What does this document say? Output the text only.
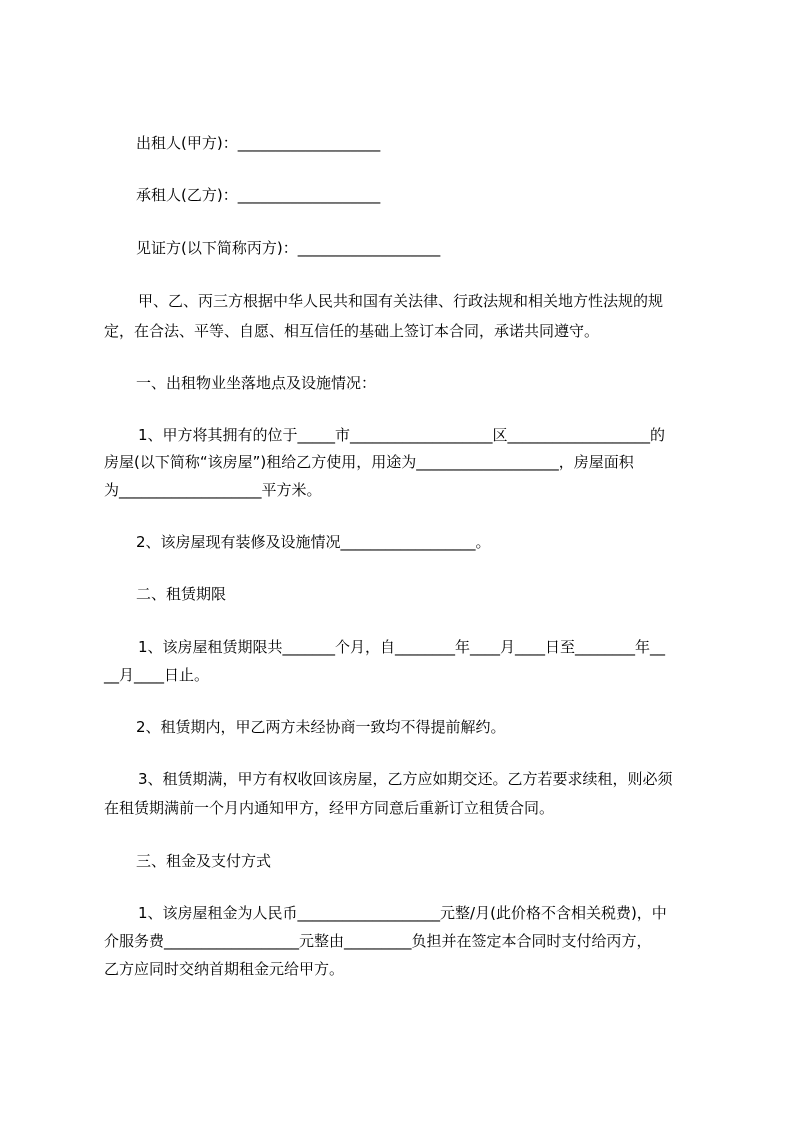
出租人(甲方)：___________________
承租人(乙方)：___________________
见证方(以下简称丙方)：___________________
甲、乙、丙三方根据中华人民共和国有关法律、行政法规和相关地方性法规的规
定，在合法、平等、自愿、相互信任的基础上签订本合同，承诺共同遵守。
一、出租物业坐落地点及设施情况：
1、甲方将其拥有的位于_____市___________________区___________________的
房屋(以下简称“该房屋”)租给乙方使用，用途为___________________，房屋面积
为___________________平方米。
2、该房屋现有装修及设施情况__________________。
二、租赁期限
1、该房屋租赁期限共_______个月，自________年____月____日至________年__
__月____日止。
2、租赁期内，甲乙两方未经协商一致均不得提前解约。
3、租赁期满，甲方有权收回该房屋，乙方应如期交还。乙方若要求续租，则必须
在租赁期满前一个月内通知甲方，经甲方同意后重新订立租赁合同。
三、租金及支付方式
1、该房屋租金为人民币___________________元整/月(此价格不含相关税费)，中
介服务费__________________元整由_________负担并在签定本合同时支付给丙方，
乙方应同时交纳首期租金元给甲方。
